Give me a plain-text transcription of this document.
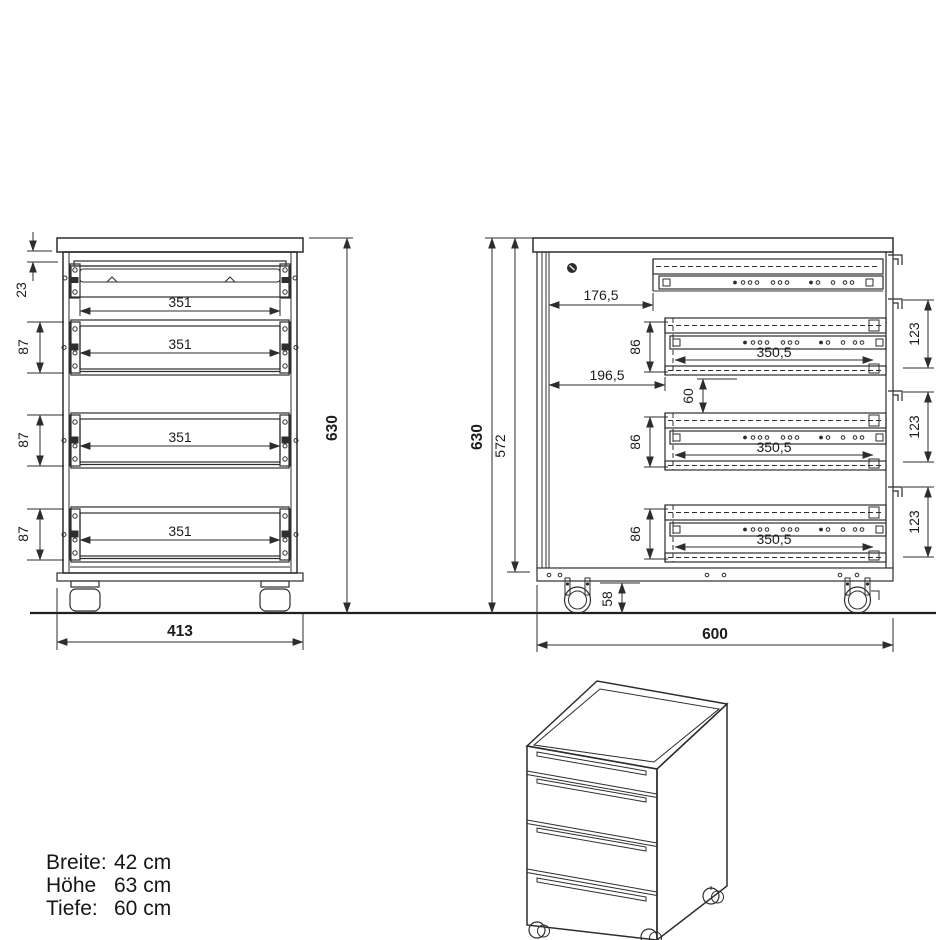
351
351
351
351
23
87
87
87
630
413
350,5
350,5
350,5
176,5
196,5
86
86
86
60
123
123
123
630 572
58
600
Breite: 42 cm
Höhe 63 cm
Tiefe: 60 cm
